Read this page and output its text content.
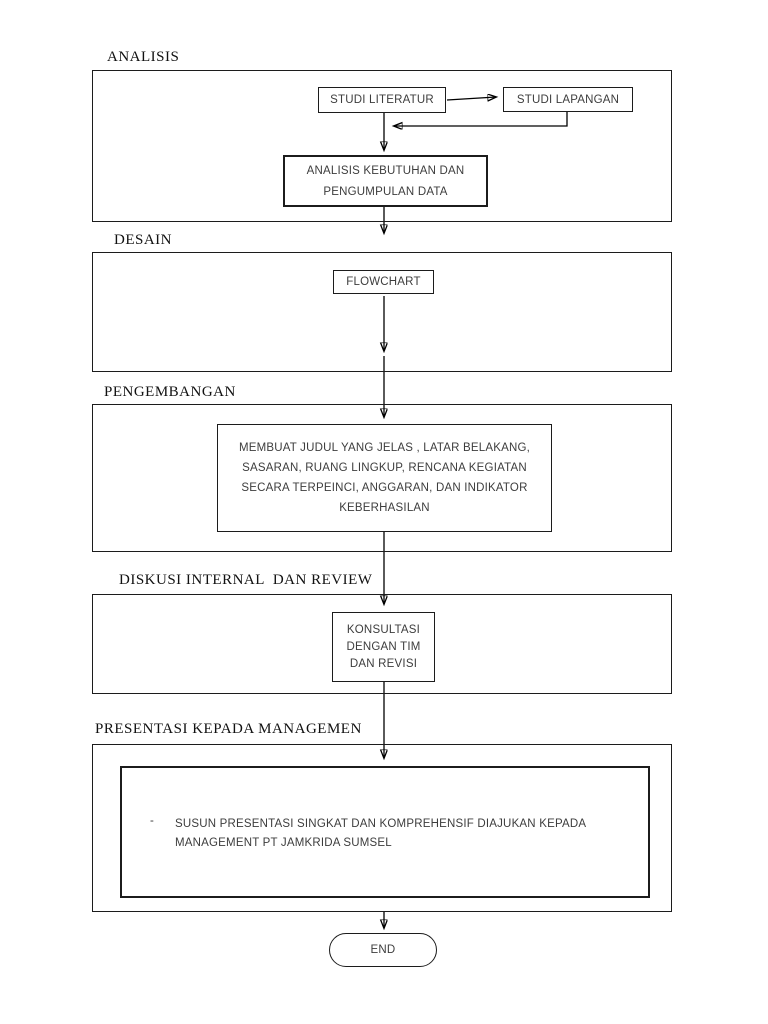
ANALISIS
STUDI LITERATUR	STUDI LAPANGAN
ANALISIS KEBUTUHAN DAN
PENGUMPULAN DATA
DESAIN
FLOWCHART
PENGEMBANGAN
MEMBUAT JUDUL YANG JELAS , LATAR BELAKANG,
SASARAN, RUANG LINGKUP, RENCANA KEGIATAN
SECARA TERPEINCI, ANGGARAN, DAN INDIKATOR
KEBERHASILAN
DISKUSI INTERNAL  DAN REVIEW
KONSULTASI
DENGAN TIM
DAN REVISI
PRESENTASI KEPADA MANAGEMEN
-	SUSUN PRESENTASI SINGKAT DAN KOMPREHENSIF DIAJUKAN KEPADA
MANAGEMENT PT JAMKRIDA SUMSEL
END
